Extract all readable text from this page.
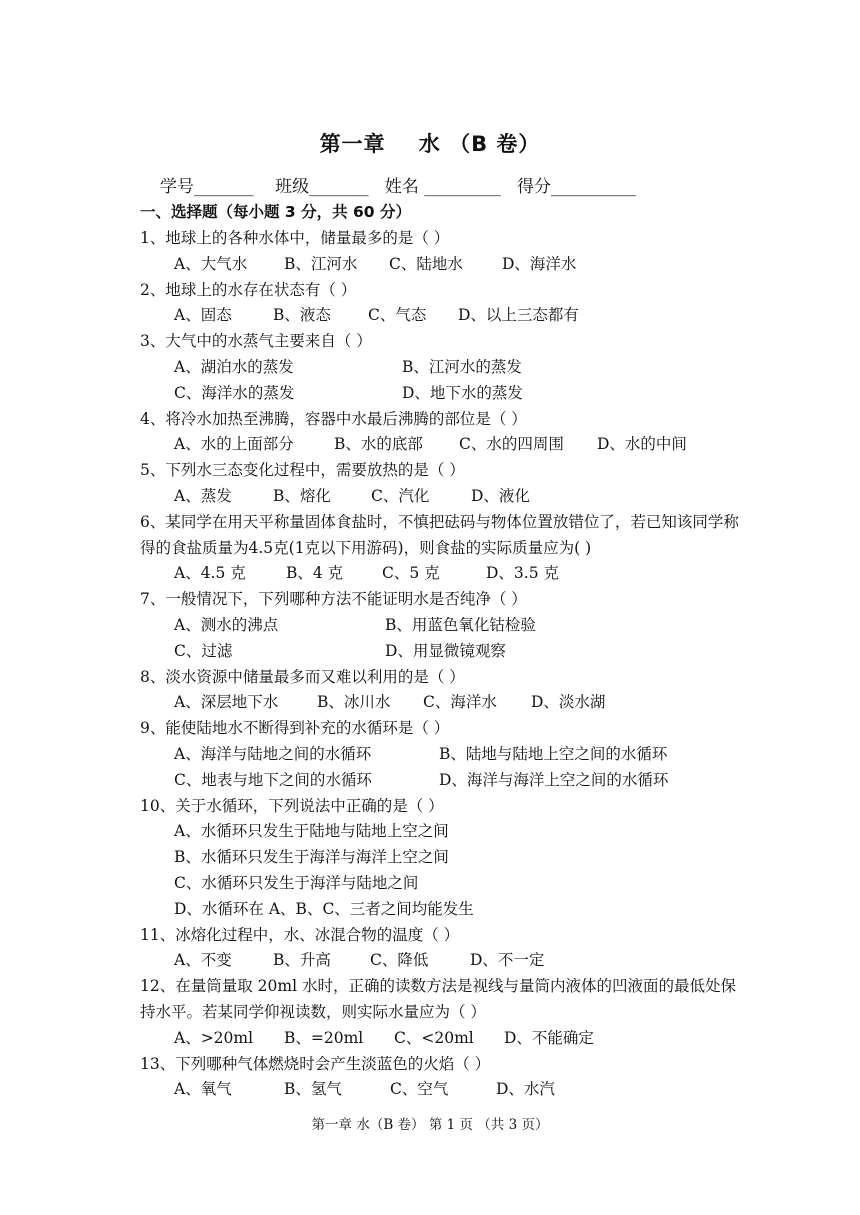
第一章    水 （B 卷）
学号_______    班级_______   姓名 _________   得分__________
一、选择题（每小题 3 分，共 60 分）
1、地球上的各种水体中，储量最多的是（ ）
A、大气水	B、江河水	C、陆地水	D、海洋水
2、地球上的水存在状态有（ ）
A、固态	B、液态	C、气态	D、以上三态都有
3、大气中的水蒸气主要来自（ ）
A、湖泊水的蒸发	B、江河水的蒸发
C、海洋水的蒸发	D、地下水的蒸发
4、将冷水加热至沸腾，容器中水最后沸腾的部位是（ ）
A、水的上面部分	B、水的底部	C、水的四周围	D、水的中间
5、下列水三态变化过程中，需要放热的是（ ）
A、蒸发	B、熔化	C、汽化	D、液化
6、某同学在用天平称量固体食盐时，不慎把砝码与物体位置放错位了，若已知该同学称得的食盐质量为4.5克(1克以下用游码)，则食盐的实际质量应为( )
A、4.5 克	B、4 克	C、5 克	D、3.5 克
7、一般情况下，下列哪种方法不能证明水是否纯净（ ）
A、测水的沸点	B、用蓝色氧化钴检验
C、过滤	D、用显微镜观察
8、淡水资源中储量最多而又难以利用的是（ ）
A、深层地下水	B、冰川水	C、海洋水	D、淡水湖
9、能使陆地水不断得到补充的水循环是（ ）
A、海洋与陆地之间的水循环	B、陆地与陆地上空之间的水循环
C、地表与地下之间的水循环	D、海洋与海洋上空之间的水循环
10、关于水循环，下列说法中正确的是（ ）
A、水循环只发生于陆地与陆地上空之间
B、水循环只发生于海洋与海洋上空之间
C、水循环只发生于海洋与陆地之间
D、水循环在 A、B、C、三者之间均能发生
11、冰熔化过程中，水、冰混合物的温度（ ）
A、不变	B、升高	C、降低	D、不一定
12、在量筒量取 20ml 水时，正确的读数方法是视线与量筒内液体的凹液面的最低处保持水平。若某同学仰视读数，则实际水量应为（ ）
A、>20ml	B、=20ml	C、<20ml	D、不能确定
13、下列哪种气体燃烧时会产生淡蓝色的火焰（ ）
A、氧气	B、氢气	C、空气	D、水汽
第一章 水（B 卷） 第 1 页 （共 3 页）
